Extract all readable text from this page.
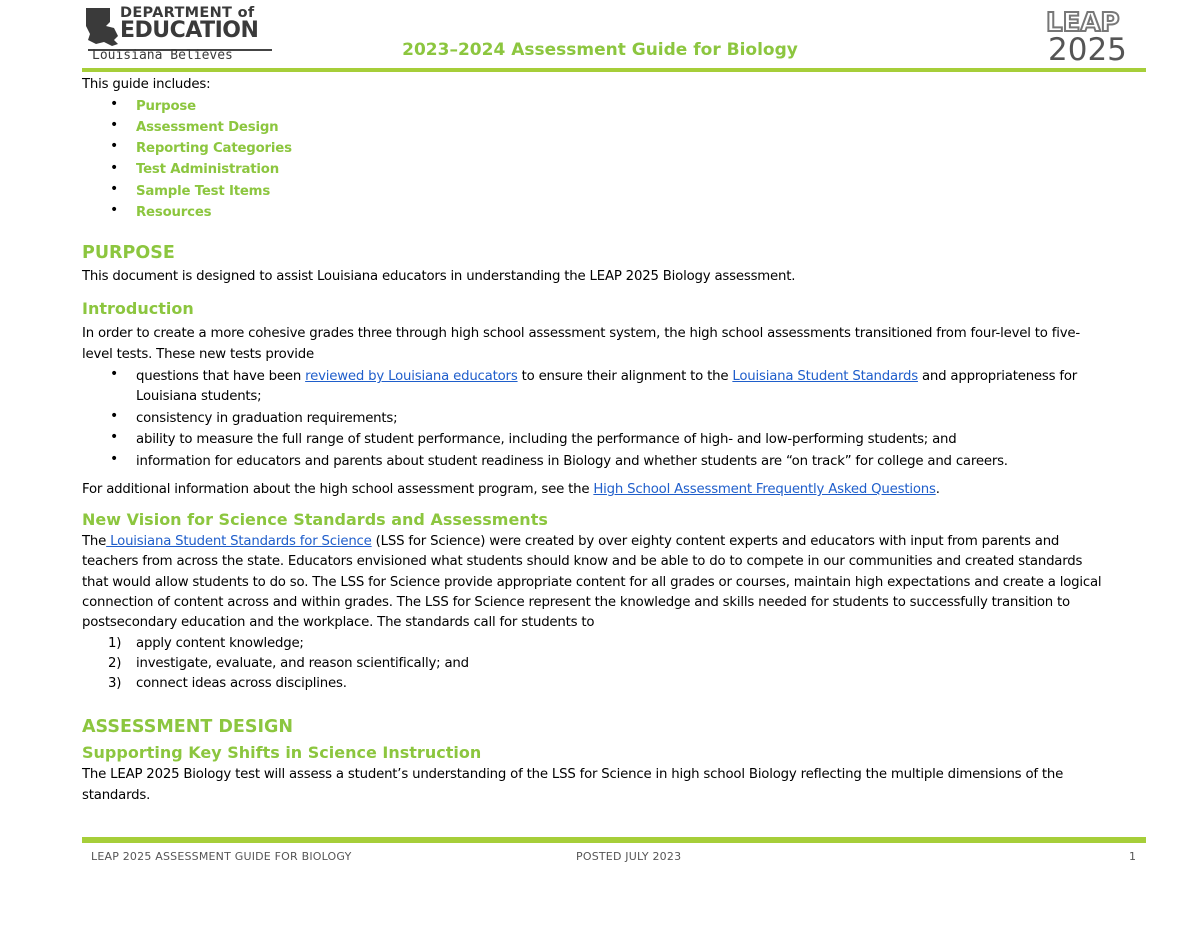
DEPARTMENT of
EDUCATION
Louisiana Believes	2023–2024 Assessment Guide for Biology
LEAP
2025
This guide includes:
• Purpose
• Assessment Design
• Reporting Categories
• Test Administration
• Sample Test Items
• Resources
PURPOSE
This document is designed to assist Louisiana educators in understanding the LEAP 2025 Biology assessment.
Introduction
In order to create a more cohesive grades three through high school assessment system, the high school assessments transitioned from four-level to five-
level tests. These new tests provide
• questions that have been reviewed by Louisiana educators to ensure their alignment to the Louisiana Student Standards and appropriateness for
Louisiana students;
• consistency in graduation requirements;
• ability to measure the full range of student performance, including the performance of high- and low-performing students; and
• information for educators and parents about student readiness in Biology and whether students are “on track” for college and careers.
For additional information about the high school assessment program, see the High School Assessment Frequently Asked Questions.
New Vision for Science Standards and Assessments
The Louisiana Student Standards for Science (LSS for Science) were created by over eighty content experts and educators with input from parents and
teachers from across the state. Educators envisioned what students should know and be able to do to compete in our communities and created standards
that would allow students to do so. The LSS for Science provide appropriate content for all grades or courses, maintain high expectations and create a logical
connection of content across and within grades. The LSS for Science represent the knowledge and skills needed for students to successfully transition to
postsecondary education and the workplace. The standards call for students to
1) apply content knowledge;
2) investigate, evaluate, and reason scientifically; and
3) connect ideas across disciplines.
ASSESSMENT DESIGN
Supporting Key Shifts in Science Instruction
The LEAP 2025 Biology test will assess a student’s understanding of the LSS for Science in high school Biology reflecting the multiple dimensions of the
standards.
LEAP 2025 ASSESSMENT GUIDE FOR BIOLOGY	POSTED JULY 2023	1
